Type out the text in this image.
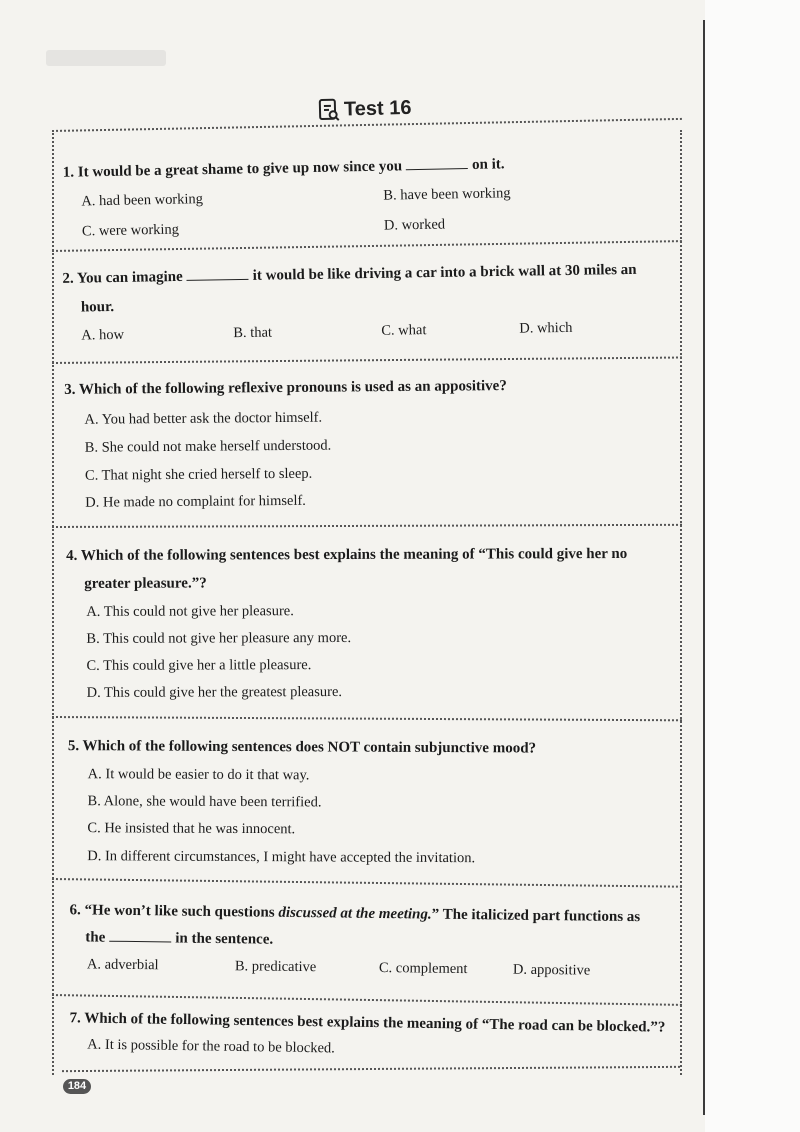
Test 16
1. It would be a great shame to give up now since you	on it.
A. had been working	B. have been working
C. were working	D. worked
2. You can imagine	it would be like driving a car into a brick wall at 30 miles an
hour.
A. how	B. that	C. what	D. which
3. Which of the following reflexive pronouns is used as an appositive?
A. You had better ask the doctor himself.
B. She could not make herself understood.
C. That night she cried herself to sleep.
D. He made no complaint for himself.
4. Which of the following sentences best explains the meaning of “This could give her no
greater pleasure.”?
A. This could not give her pleasure.
B. This could not give her pleasure any more.
C. This could give her a little pleasure.
D. This could give her the greatest pleasure.
5. Which of the following sentences does NOT contain subjunctive mood?
A. It would be easier to do it that way.
B. Alone, she would have been terrified.
C. He insisted that he was innocent.
D. In different circumstances, I might have accepted the invitation.
6. “He won’t like such questions discussed at the meeting.” The italicized part functions as
the	in the sentence.
A. adverbial	B. predicative	C. complement	D. appositive
7. Which of the following sentences best explains the meaning of “The road can be blocked.”?
A. It is possible for the road to be blocked.
184
